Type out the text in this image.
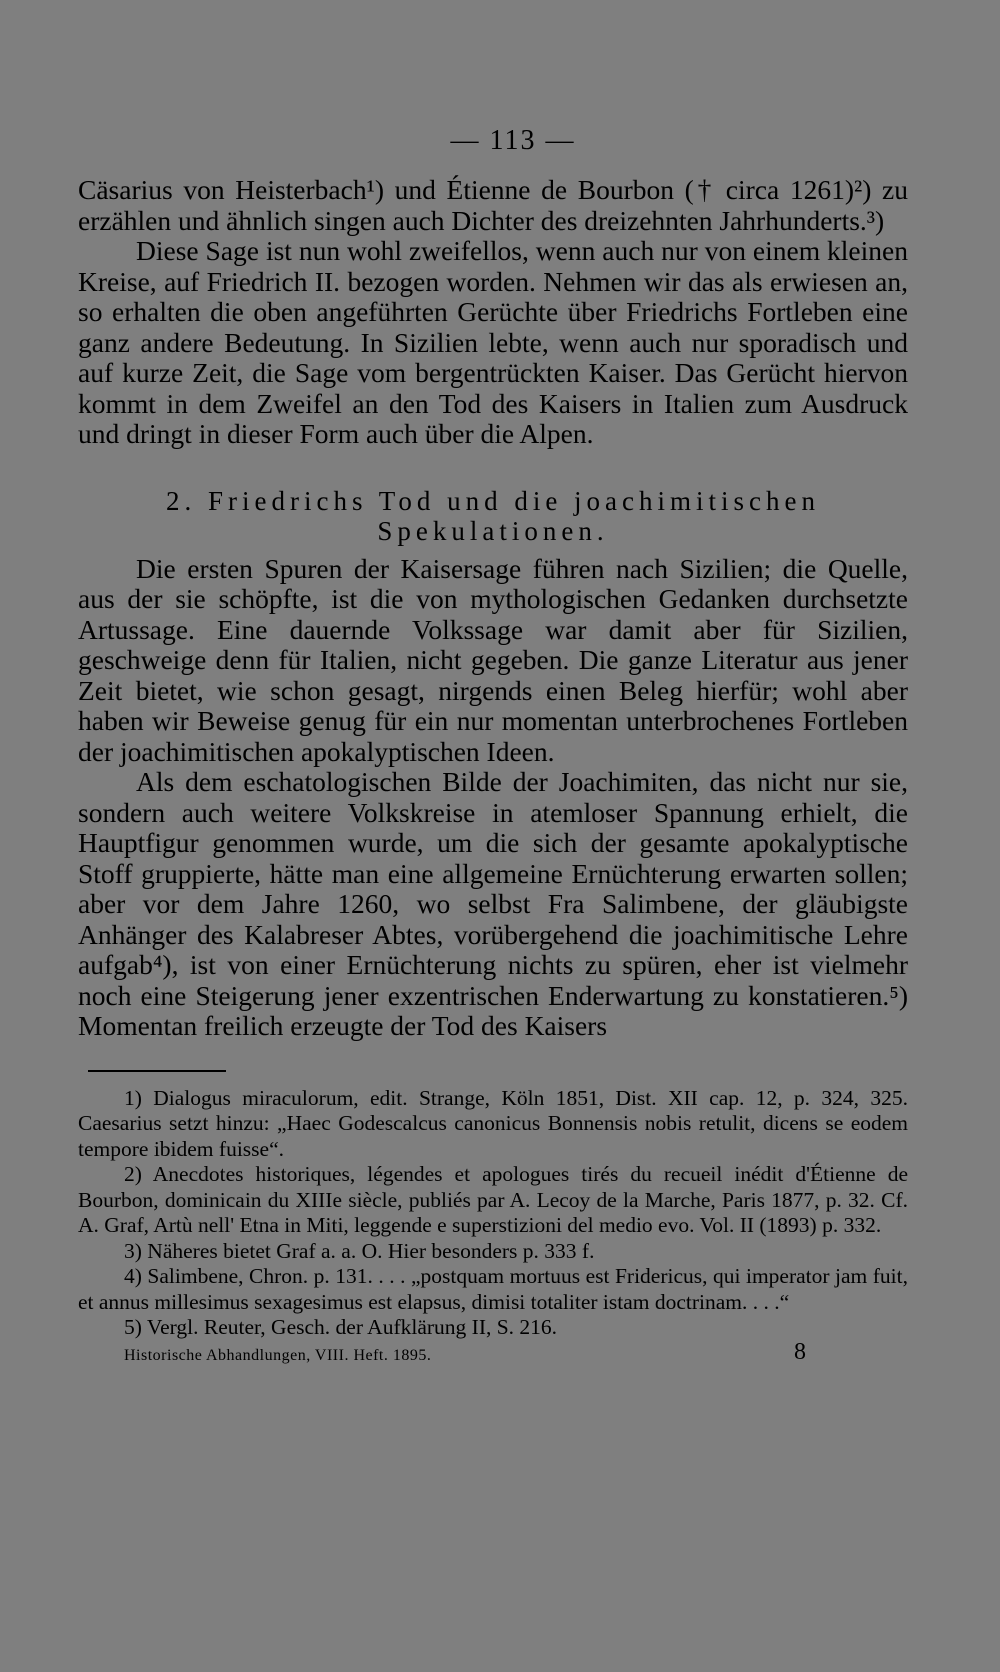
— 113 —

Cäsarius von Heisterbach¹) und Étienne de Bourbon († circa 1261)²) zu erzählen und ähnlich singen auch Dichter des dreizehnten Jahrhunderts.³)

Diese Sage ist nun wohl zweifellos, wenn auch nur von einem kleinen Kreise, auf Friedrich II. bezogen worden. Nehmen wir das als erwiesen an, so erhalten die oben angeführten Gerüchte über Friedrichs Fortleben eine ganz andere Bedeutung. In Sizilien lebte, wenn auch nur sporadisch und auf kurze Zeit, die Sage vom bergentrückten Kaiser. Das Gerücht hiervon kommt in dem Zweifel an den Tod des Kaisers in Italien zum Ausdruck und dringt in dieser Form auch über die Alpen.

2. Friedrichs Tod und die joachimitischen
Spekulationen.

Die ersten Spuren der Kaisersage führen nach Sizilien; die Quelle, aus der sie schöpfte, ist die von mythologischen Gedanken durchsetzte Artussage. Eine dauernde Volkssage war damit aber für Sizilien, geschweige denn für Italien, nicht gegeben. Die ganze Literatur aus jener Zeit bietet, wie schon gesagt, nirgends einen Beleg hierfür; wohl aber haben wir Beweise genug für ein nur momentan unterbrochenes Fortleben der joachimitischen apokalyptischen Ideen.

Als dem eschatologischen Bilde der Joachimiten, das nicht nur sie, sondern auch weitere Volkskreise in atemloser Spannung erhielt, die Hauptfigur genommen wurde, um die sich der gesamte apokalyptische Stoff gruppierte, hätte man eine allgemeine Ernüchterung erwarten sollen; aber vor dem Jahre 1260, wo selbst Fra Salimbene, der gläubigste Anhänger des Kalabreser Abtes, vorübergehend die joachimitische Lehre aufgab⁴), ist von einer Ernüchterung nichts zu spüren, eher ist vielmehr noch eine Steigerung jener exzentrischen Enderwartung zu konstatieren.⁵) Momentan freilich erzeugte der Tod des Kaisers

1) Dialogus miraculorum, edit. Strange, Köln 1851, Dist. XII cap. 12, p. 324, 325. Caesarius setzt hinzu: „Haec Godescalcus canonicus Bonnensis nobis retulit, dicens se eodem tempore ibidem fuisse“.

2) Anecdotes historiques, légendes et apologues tirés du recueil inédit d'Étienne de Bourbon, dominicain du XIIIe siècle, publiés par A. Lecoy de la Marche, Paris 1877, p. 32. Cf. A. Graf, Artù nell' Etna in Miti, leggende e superstizioni del medio evo. Vol. II (1893) p. 332.

3) Näheres bietet Graf a. a. O. Hier besonders p. 333 f.

4) Salimbene, Chron. p. 131. . . . „postquam mortuus est Fridericus, qui imperator jam fuit, et annus millesimus sexagesimus est elapsus, dimisi totaliter istam doctrinam. . . .“

5) Vergl. Reuter, Gesch. der Aufklärung II, S. 216.

Historische Abhandlungen, VIII. Heft. 1895.	8
